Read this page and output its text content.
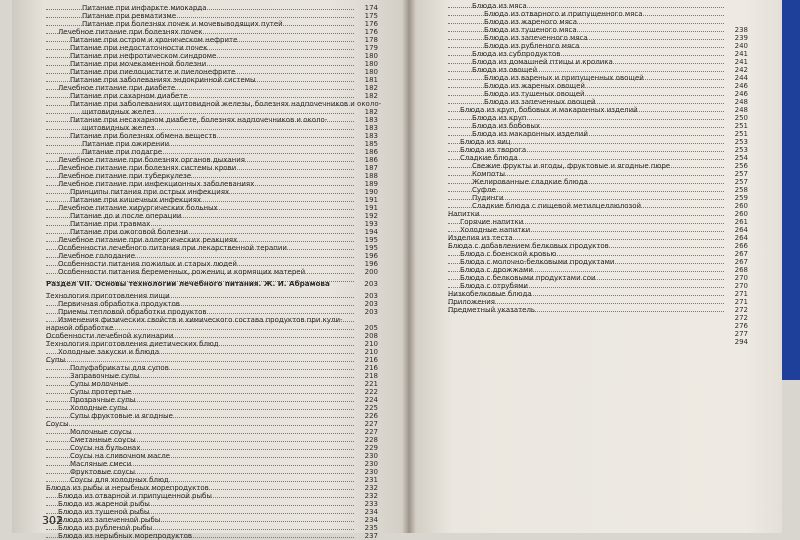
Питание при инфаркте миокарда	174
Питание при ревматизме	175
Питание при болезнях почек и мочевыводящих путей	176
Лечебное питание при болезнях почек	176
Питание при остром и хроническом нефрите	178
Питание при недостаточности почек	179
Питание при нефротическом синдроме	180
Питание при мочекаменной болезни	180
Питание при пиелоцистите и пиелонефрите	180
Питание при заболеваниях эндокринной системы	181
Лечебное питание при диабете	182
Питание при сахарном диабете	182
Питание при заболеваниях щитовидной железы, болезнях надпочечников и около-
щитовидных желез	182
Питание при несахарном диабете, болезнях надпочечников и около-	183
щитовидных желез	183
Питание при болезнях обмена веществ	183
Питание при ожирении	185
Питание при подагре	186
Лечебное питание при болезнях органов дыхания	186
Лечебное питание при болезнях системы крови	187
Лечебное питание при туберкулезе	188
Лечебное питание при инфекционных заболеваниях	189
Принципы питания при острых инфекциях	190
Питание при кишечных инфекциях	191
Лечебное питание хирургических больных	191
Питание до и после операции	192
Питание при травмах	193
Питание при ожоговой болезни	194
Лечебное питание при аллергических реакциях	195
Особенности лечебного питания при лекарственной терапии	195
Лечебное голодание	196
Особенности питания пожилых и старых людей	196
Особенности питания беременных, рожениц и кормящих матерей	200
Раздел VII. Основы технологии лечебного питания. Ж. И. Абрамова	203
Технология приготовления пищи	203
Первичная обработка продуктов	203
Приемы тепловой обработки продуктов	203
Изменения физических свойств и химического состава продуктов при кули-
нарной обработке	205
Особенности лечебной кулинарии	208
Технология приготовления диетических блюд	210
Холодные закуски и блюда	210
Супы	216
Полуфабрикаты для супов	216
Заправочные супы	218
Супы молочные	221
Супы протертые	222
Прозрачные супы	224
Холодные супы	225
Супы фруктовые и ягодные	226
Соусы	227
Молочные соусы	227
Сметанные соусы	228
Соусы на бульонах	229
Соусы на сливочном масле	230
Масляные смеси	230
Фруктовые соусы	230
Соусы для холодных блюд	231
Блюда из рыбы и нерыбных морепродуктов	232
Блюда из отварной и припущенной рыбы	232
Блюда из жареной рыбы	233
Блюда из тушеной рыбы	234
Блюда из запеченной рыбы	234
Блюда из рубленой рыбы	235
Блюда из нерыбных морепродуктов	237
302
Блюда из мяса
Блюда из отварного и припущенного мяса
Блюда из жареного мяса
Блюда из тушеного мяса	238
Блюда из запеченного мяса	239
Блюда из рубленого мяса	240
Блюда из субпродуктов	241
Блюда из домашней птицы и кролика	241
Блюда из овощей	242
Блюда из вареных и припущенных овощей	244
Блюда из жареных овощей	246
Блюда из тушеных овощей	246
Блюда из запеченных овощей	248
Блюда из круп, бобовых и макаронных изделий	248
Блюда из круп	250
Блюда из бобовых	251
Блюда из макаронных изделий	251
Блюда из яиц	253
Блюда из творога	253
Сладкие блюда	254
Свежие фрукты и ягоды, фруктовые и ягодные пюре	256
Компоты	257
Желированные сладкие блюда	257
Суфле	258
Пудинги	259
Сладкие блюда с пищевой метилцеллюлозой	260
Напитки	260
Горячие напитки	261
Холодные напитки	264
Изделия из теста	264
Блюда с добавлением белковых продуктов	266
Блюда с боенской кровью	267
Блюда с молочно-белковыми продуктами	267
Блюда с дрожжами	268
Блюда с белковыми продуктами сои	270
Блюда с отрубями	270
Низкобелковые блюда	271
Приложения	271
Предметный указатель	272
272
276
277
294
